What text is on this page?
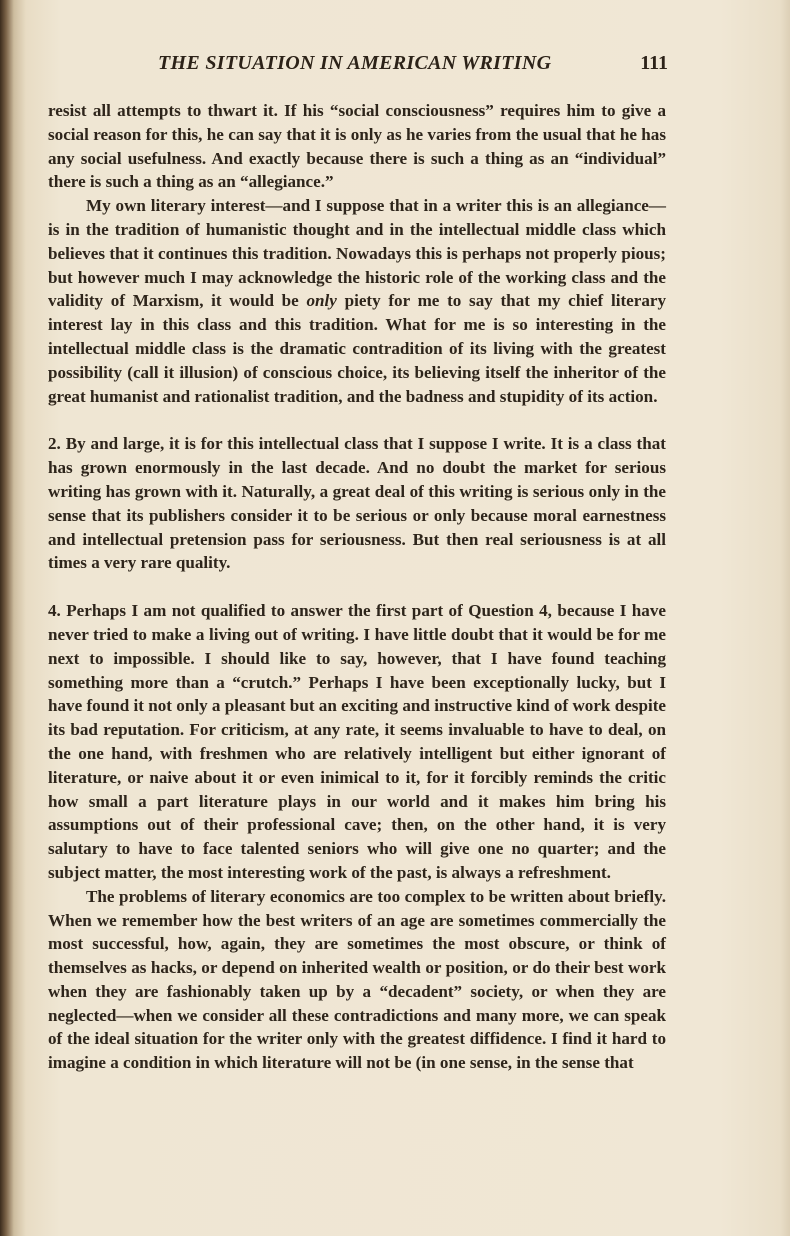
THE SITUATION IN AMERICAN WRITING	111

resist all attempts to thwart it. If his “social consciousness” requires him to give a social reason for this, he can say that it is only as he varies from the usual that he has any social usefulness. And exactly because there is such a thing as an “individual” there is such a thing as an “allegiance.”

My own literary interest—and I suppose that in a writer this is an allegiance—is in the tradition of humanistic thought and in the intellectual middle class which believes that it continues this tradition. Nowadays this is perhaps not properly pious; but however much I may acknowledge the historic role of the working class and the validity of Marxism, it would be only piety for me to say that my chief literary interest lay in this class and this tradition. What for me is so interesting in the intellectual middle class is the dramatic contradition of its living with the greatest possibility (call it illusion) of conscious choice, its believing itself the inheritor of the great humanist and rationalist tradition, and the badness and stupidity of its action.

2. By and large, it is for this intellectual class that I suppose I write. It is a class that has grown enormously in the last decade. And no doubt the market for serious writing has grown with it. Naturally, a great deal of this writing is serious only in the sense that its publishers consider it to be serious or only because moral earnestness and intellectual pretension pass for seriousness. But then real seriousness is at all times a very rare quality.

4. Perhaps I am not qualified to answer the first part of Question 4, because I have never tried to make a living out of writing. I have little doubt that it would be for me next to impossible. I should like to say, however, that I have found teaching something more than a “crutch.” Perhaps I have been exceptionally lucky, but I have found it not only a pleasant but an exciting and instructive kind of work despite its bad reputation. For criticism, at any rate, it seems invaluable to have to deal, on the one hand, with freshmen who are relatively intelligent but either ignorant of literature, or naive about it or even inimical to it, for it forcibly reminds the critic how small a part literature plays in our world and it makes him bring his assumptions out of their professional cave; then, on the other hand, it is very salutary to have to face talented seniors who will give one no quarter; and the subject matter, the most interesting work of the past, is always a refreshment.

The problems of literary economics are too complex to be written about briefly. When we remember how the best writers of an age are sometimes commercially the most successful, how, again, they are sometimes the most obscure, or think of themselves as hacks, or depend on inherited wealth or position, or do their best work when they are fashionably taken up by a “decadent” society, or when they are neglected—when we consider all these contradictions and many more, we can speak of the ideal situation for the writer only with the greatest diffidence. I find it hard to imagine a condition in which literature will not be (in one sense, in the sense that
